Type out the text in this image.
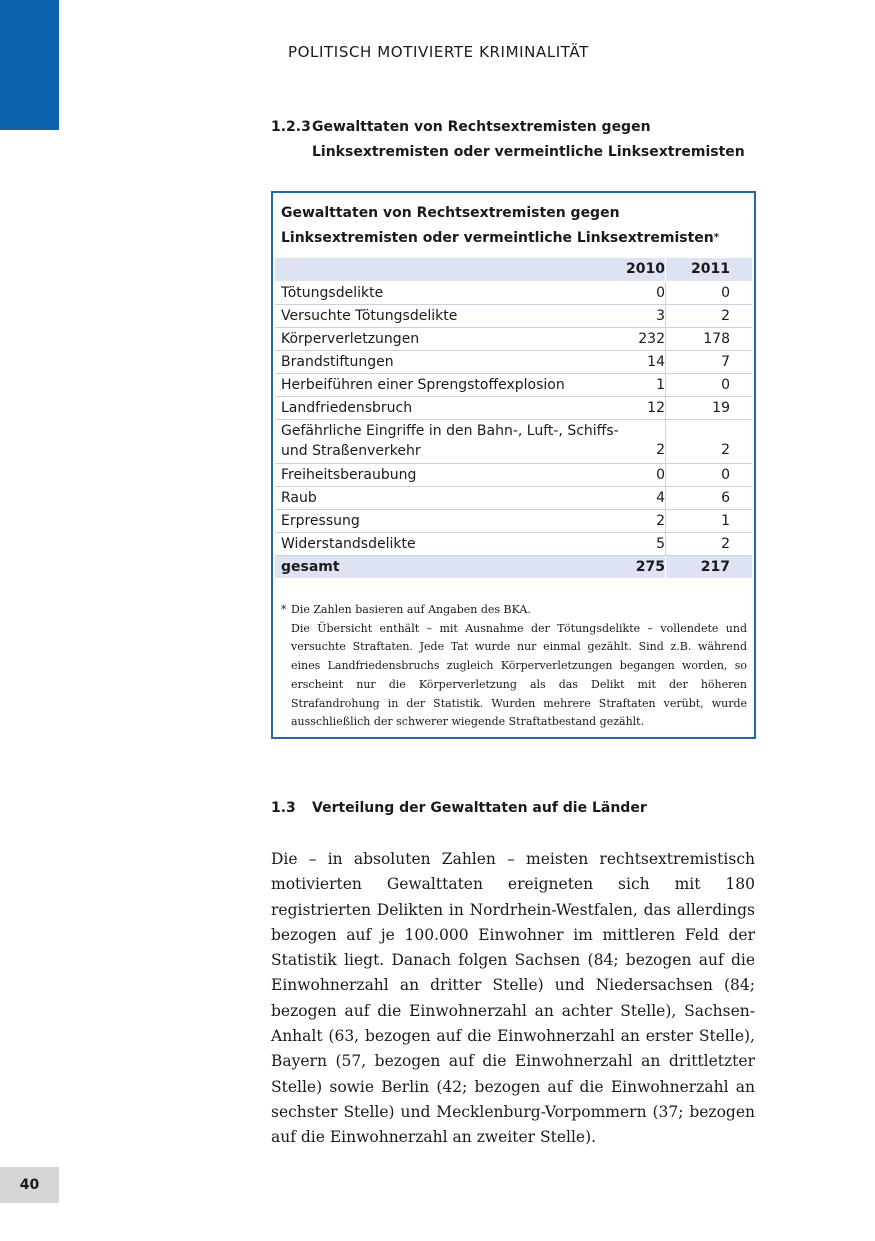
POLITISCH MOTIVIERTE KRIMINALITÄT
1.2.3 Gewalttaten von Rechtsextremisten gegen Linksextremisten oder vermeintliche Linksextremisten
Gewalttaten von Rechtsextremisten gegen Linksextremisten oder vermeintliche Linksextremisten*
2010	2011
Tötungsdelikte	0	0
Versuchte Tötungsdelikte	3	2
Körperverletzungen	232	178
Brandstiftungen	14	7
Herbeiführen einer Sprengstoffexplosion	1	0
Landfriedensbruch	12	19
Gefährliche Eingriffe in den Bahn-, Luft-, Schiffs- und Straßenverkehr	2	2
Freiheitsberaubung	0	0
Raub	4	6
Erpressung	2	1
Widerstandsdelikte	5	2
gesamt	275	217
* Die Zahlen basieren auf Angaben des BKA.
Die Übersicht enthält – mit Ausnahme der Tötungsdelikte – vollendete und versuchte Straftaten. Jede Tat wurde nur einmal gezählt. Sind z.B. während eines Landfriedensbruchs zugleich Körperverletzungen begangen worden, so erscheint nur die Körperverletzung als das Delikt mit der höheren Strafandrohung in der Statistik. Wurden mehrere Straftaten verübt, wurde ausschließlich der schwerer wiegende Straftatbestand gezählt.
1.3	Verteilung der Gewalttaten auf die Länder
Die – in absoluten Zahlen – meisten rechtsextremistisch motivierten Gewalttaten ereigneten sich mit 180 registrierten Delikten in Nordrhein-Westfalen, das allerdings bezogen auf je 100.000 Einwohner im mittleren Feld der Statistik liegt. Danach folgen Sachsen (84; bezogen auf die Einwohnerzahl an dritter Stelle) und Niedersachsen (84; bezogen auf die Einwohnerzahl an achter Stelle), Sachsen-Anhalt (63, bezogen auf die Einwohnerzahl an erster Stelle), Bayern (57, bezogen auf die Einwohnerzahl an drittletzter Stelle) sowie Berlin (42; bezogen auf die Einwohnerzahl an sechster Stelle) und Mecklenburg-Vorpommern (37; bezogen auf die Einwohnerzahl an zweiter Stelle).
40
